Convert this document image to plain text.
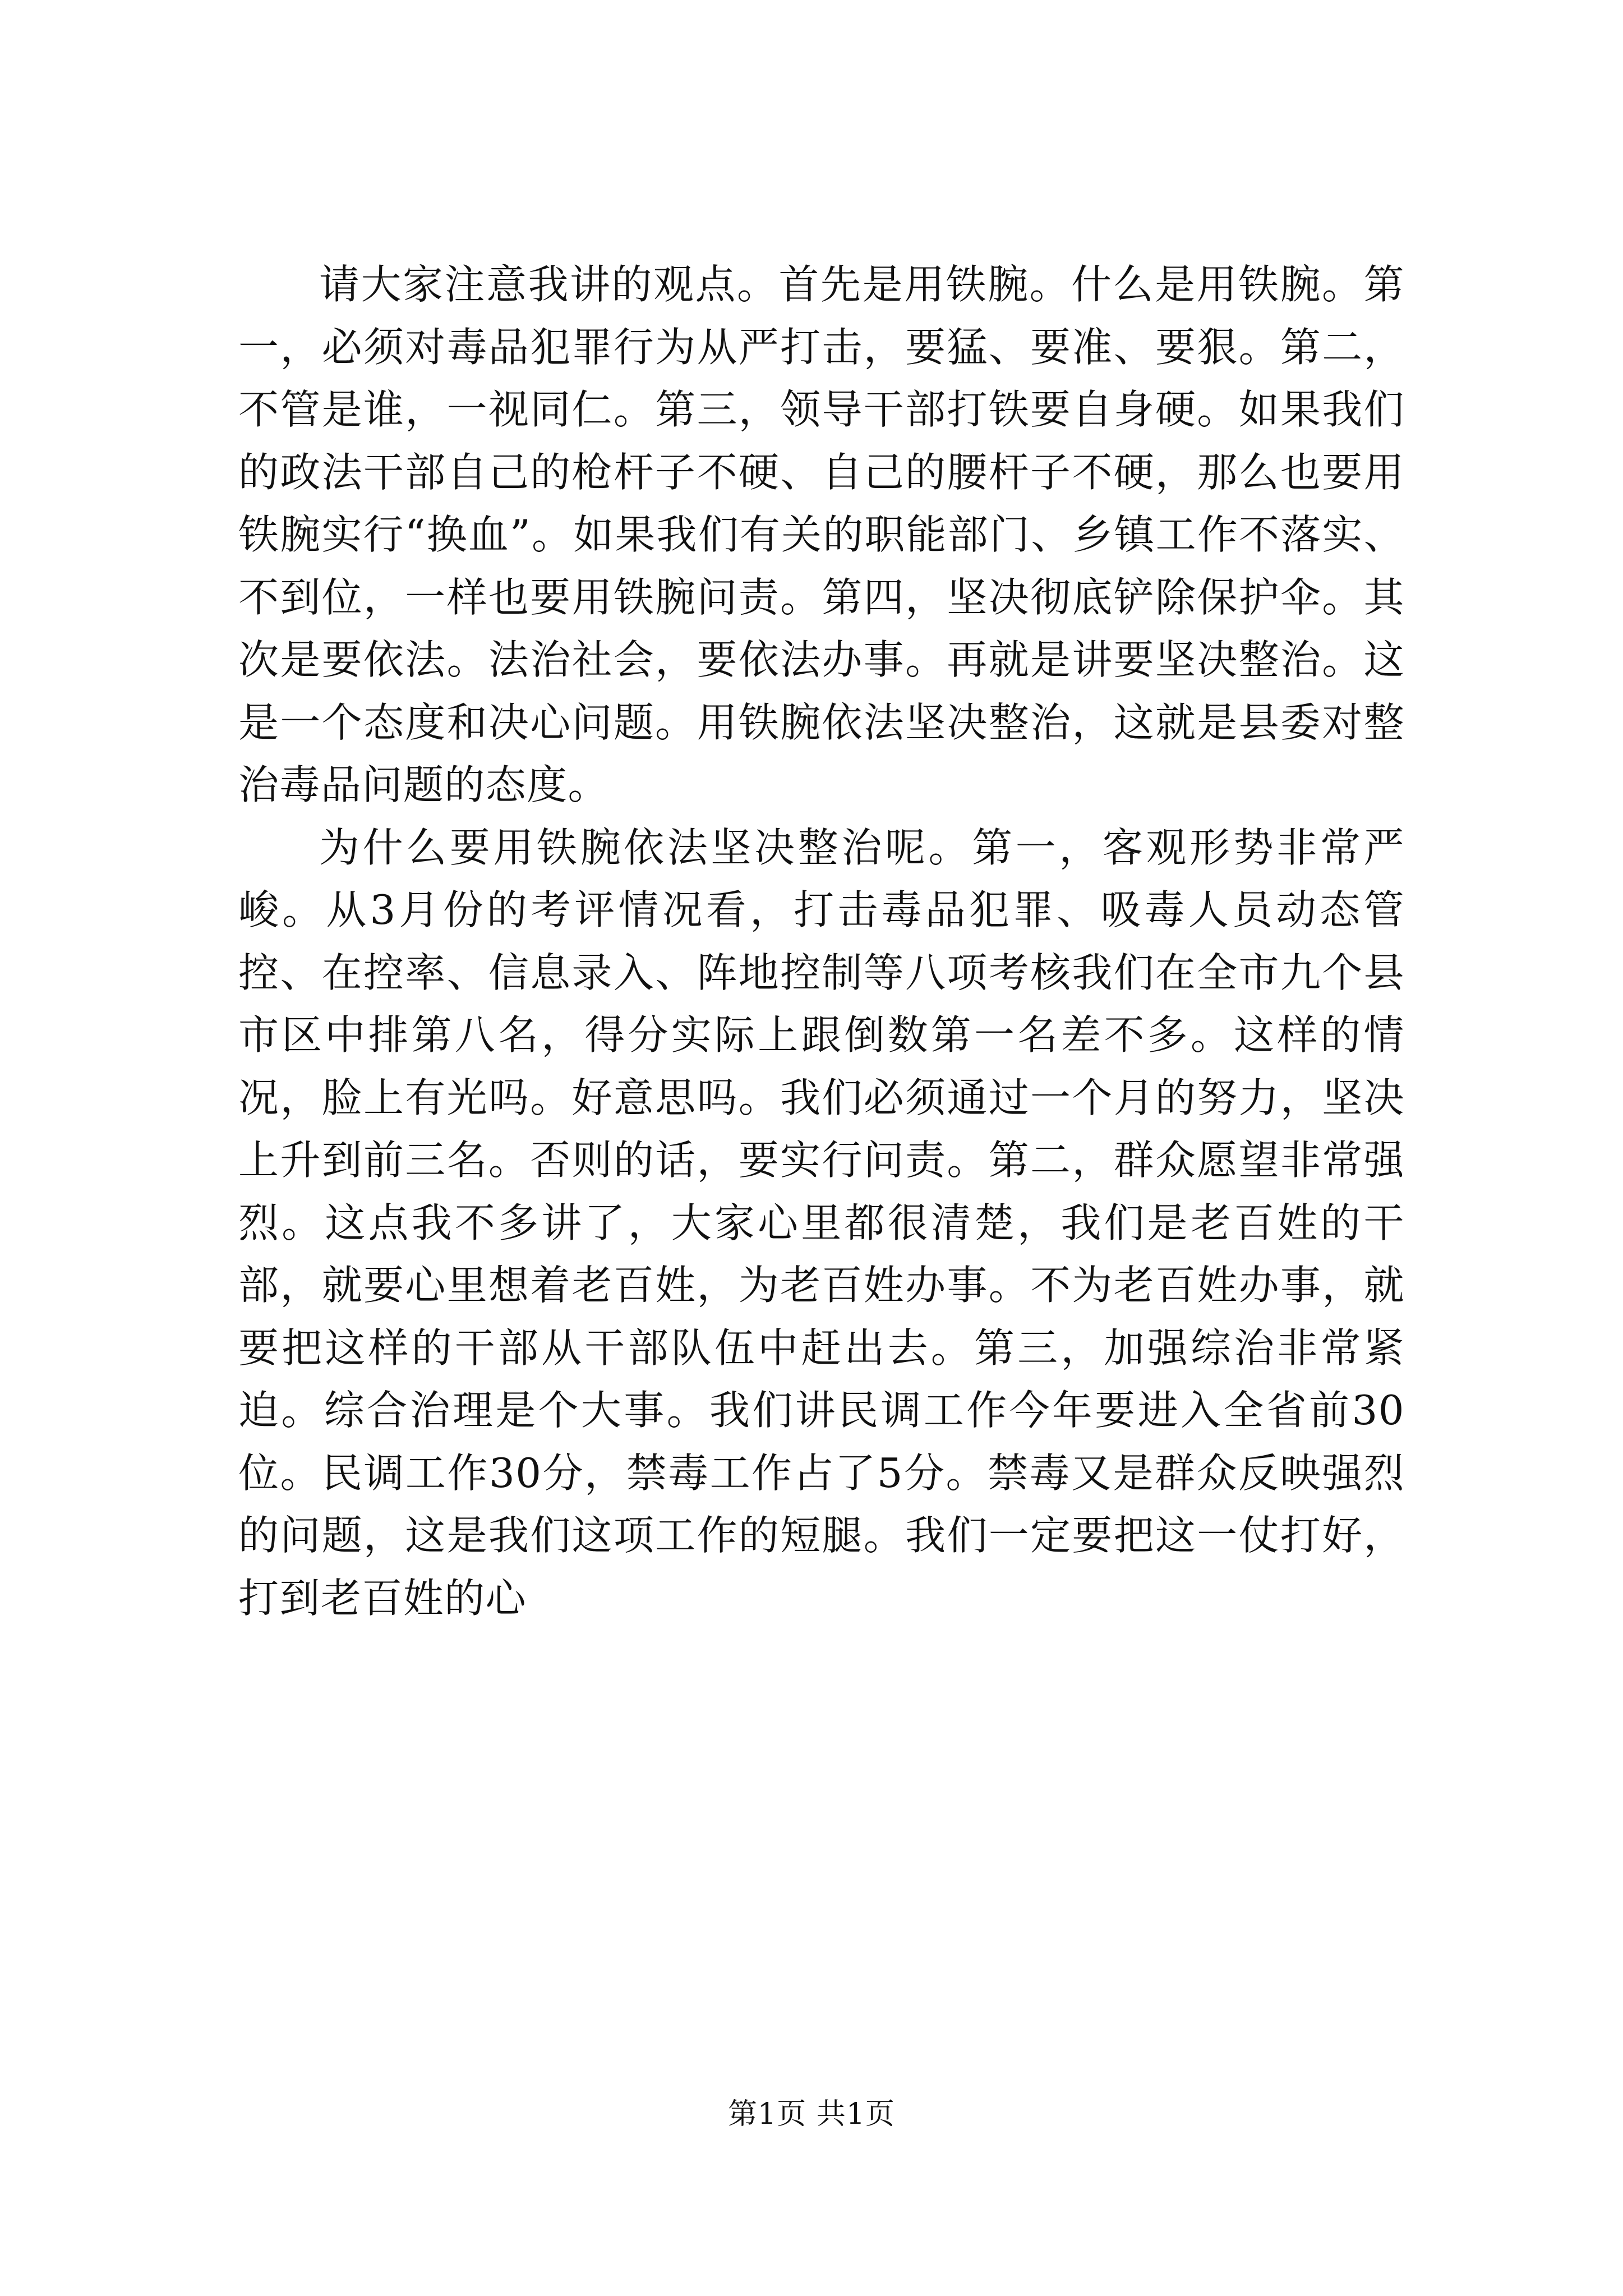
请大家注意我讲的观点。首先是用铁腕。什么是用铁腕。第一，必须对毒品犯罪行为从严打击，要猛、要准、要狠。第二，不管是谁，一视同仁。第三，领导干部打铁要自身硬。如果我们的政法干部自己的枪杆子不硬、自己的腰杆子不硬，那么也要用铁腕实行“换血”。如果我们有关的职能部门、乡镇工作不落实、不到位，一样也要用铁腕问责。第四，坚决彻底铲除保护伞。其次是要依法。法治社会，要依法办事。再就是讲要坚决整治。这是一个态度和决心问题。用铁腕依法坚决整治，这就是县委对整治毒品问题的态度。

为什么要用铁腕依法坚决整治呢。第一，客观形势非常严峻。从3月份的考评情况看，打击毒品犯罪、吸毒人员动态管控、在控率、信息录入、阵地控制等八项考核我们在全市九个县市区中排第八名，得分实际上跟倒数第一名差不多。这样的情况，脸上有光吗。好意思吗。我们必须通过一个月的努力，坚决上升到前三名。否则的话，要实行问责。第二，群众愿望非常强烈。这点我不多讲了，大家心里都很清楚，我们是老百姓的干部，就要心里想着老百姓，为老百姓办事。不为老百姓办事，就要把这样的干部从干部队伍中赶出去。第三，加强综治非常紧迫。综合治理是个大事。我们讲民调工作今年要进入全省前30位。民调工作30分，禁毒工作占了5分。禁毒又是群众反映强烈的问题，这是我们这项工作的短腿。我们一定要把这一仗打好，打到老百姓的心

第1页 共1页
